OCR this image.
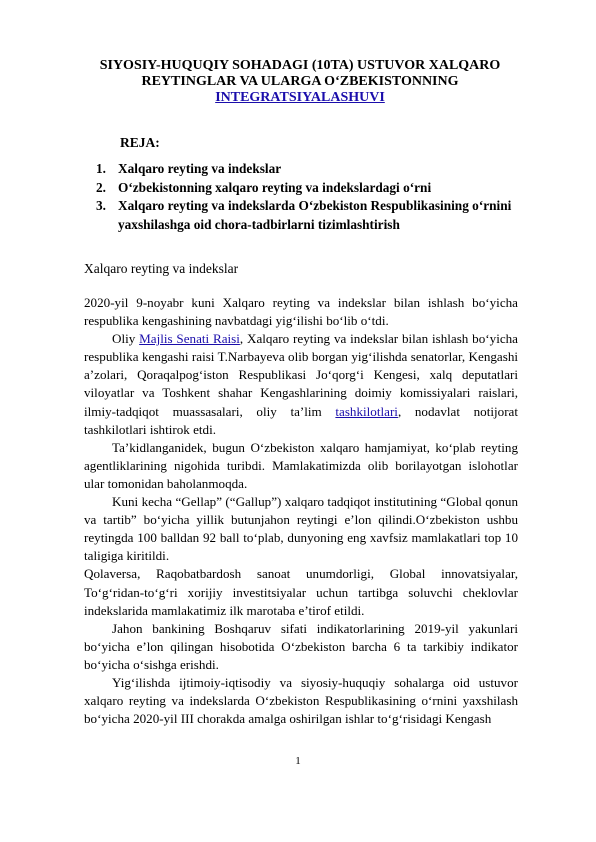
SIYOSIY-HUQUQIY SOHADAGI (10TA) USTUVOR XALQARO
REYTINGLAR VA ULARGA O‘ZBEKISTONNING
INTEGRATSIYALASHUVI
REJA:
1. Xalqaro reyting va indekslar
2. O‘zbekistonning xalqaro reyting va indekslardagi o‘rni
3. Xalqaro reyting va indekslarda O‘zbekiston Respublikasining o‘rnini yaxshilashga oid chora-tadbirlarni tizimlashtirish
Xalqaro reyting va indekslar

2020-yil 9-noyabr kuni Xalqaro reyting va indekslar bilan ishlash bo‘yicha respublika kengashining navbatdagi yig‘ilishi bo‘lib o‘tdi.

Oliy Majlis Senati Raisi, Xalqaro reyting va indekslar bilan ishlash bo‘yicha respublika kengashi raisi T.Narbayeva olib borgan yig‘ilishda senatorlar, Kengashi a’zolari, Qoraqalpog‘iston Respublikasi Jo‘qorg‘i Kengesi, xalq deputatlari viloyatlar va Toshkent shahar Kengashlarining doimiy komissiyalari raislari, ilmiy-tadqiqot muassasalari, oliy ta’lim tashkilotlari, nodavlat notijorat tashkilotlari ishtirok etdi.

Ta’kidlanganidek, bugun O‘zbekiston xalqaro hamjamiyat, ko‘plab reyting agentliklarining nigohida turibdi. Mamlakatimizda olib borilayotgan islohotlar ular tomonidan baholanmoqda.

Kuni kecha “Gellap” (“Gallup”) xalqaro tadqiqot institutining “Global qonun va tartib” bo‘yicha yillik butunjahon reytingi e’lon qilindi.O‘zbekiston ushbu reytingda 100 balldan 92 ball to‘plab, dunyoning eng xavfsiz mamlakatlari top 10 taligiga kiritildi.

Qolaversa, Raqobatbardosh sanoat unumdorligi, Global innovatsiyalar, To‘g‘ridan-to‘g‘ri xorijiy investitsiyalar uchun tartibga soluvchi cheklovlar indekslarida mamlakatimiz ilk marotaba e’tirof etildi.

Jahon bankining Boshqaruv sifati indikatorlarining 2019-yil yakunlari bo‘yicha e’lon qilingan hisobotida O‘zbekiston barcha 6 ta tarkibiy indikator bo‘yicha o‘sishga erishdi.

Yig‘ilishda ijtimoiy-iqtisodiy va siyosiy-huquqiy sohalarga oid ustuvor xalqaro reyting va indekslarda O‘zbekiston Respublikasining o‘rnini yaxshilash bo‘yicha 2020-yil III chorakda amalga oshirilgan ishlar to‘g‘risidagi Kengash

1
